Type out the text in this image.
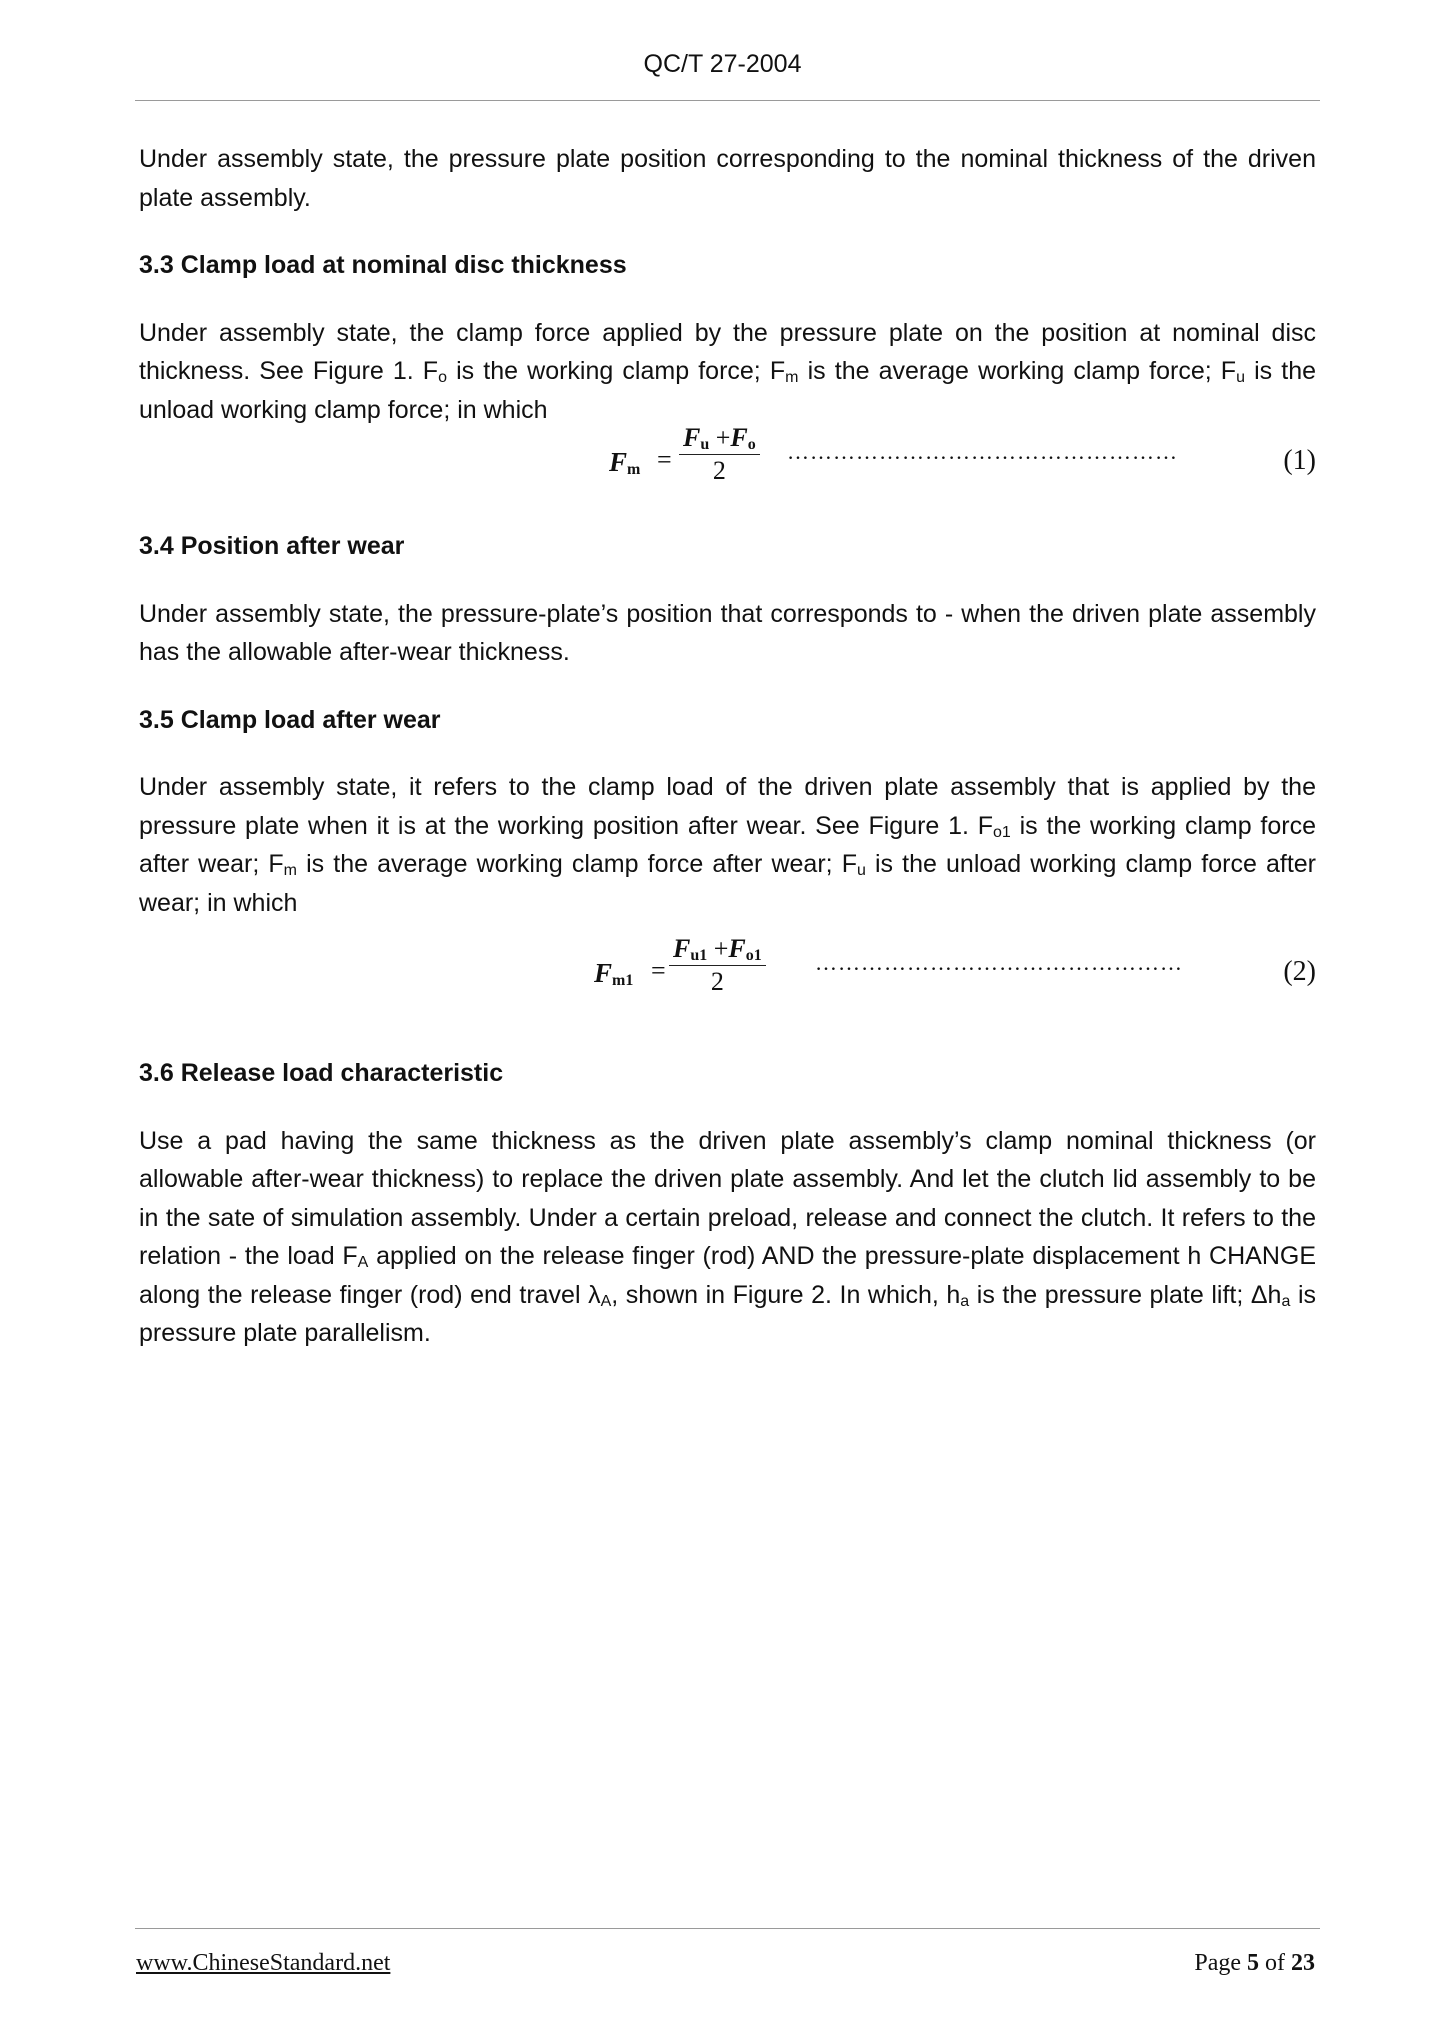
QC/T 27-2004

Under assembly state, the pressure plate position corresponding to the nominal thickness of the driven plate assembly.

3.3 Clamp load at nominal disc thickness

Under assembly state, the clamp force applied by the pressure plate on the position at nominal disc thickness. See Figure 1. $F_o$ is the working clamp force; $F_m$ is the average working clamp force; $F_u$ is the unload working clamp force; in which

$F_m = \frac{F_u +F_o}{2}$ ……………………………………………	(1)

3.4 Position after wear

Under assembly state, the pressure-plate’s position that corresponds to - when the driven plate assembly has the allowable after-wear thickness.

3.5 Clamp load after wear

Under assembly state, it refers to the clamp load of the driven plate assembly that is applied by the pressure plate when it is at the working position after wear. See Figure 1. $F_{o1}$ is the working clamp force after wear; $F_m$ is the average working clamp force after wear; $F_u$ is the unload working clamp force after wear; in which

$F_{m1} = \frac{F_{u1} +F_{o1}}{2}$ …………………………………………	(2)

3.6 Release load characteristic

Use a pad having the same thickness as the driven plate assembly’s clamp nominal thickness (or allowable after-wear thickness) to replace the driven plate assembly. And let the clutch lid assembly to be in the sate of simulation assembly. Under a certain preload, release and connect the clutch. It refers to the relation - the load $F_A$ applied on the release finger (rod) AND the pressure-plate displacement h CHANGE along the release finger (rod) end travel $\lambda_A$, shown in Figure 2. In which, $h_a$ is the pressure plate lift; $\Delta h_a$ is pressure plate parallelism.

www.ChineseStandard.net	Page 5 of 23
